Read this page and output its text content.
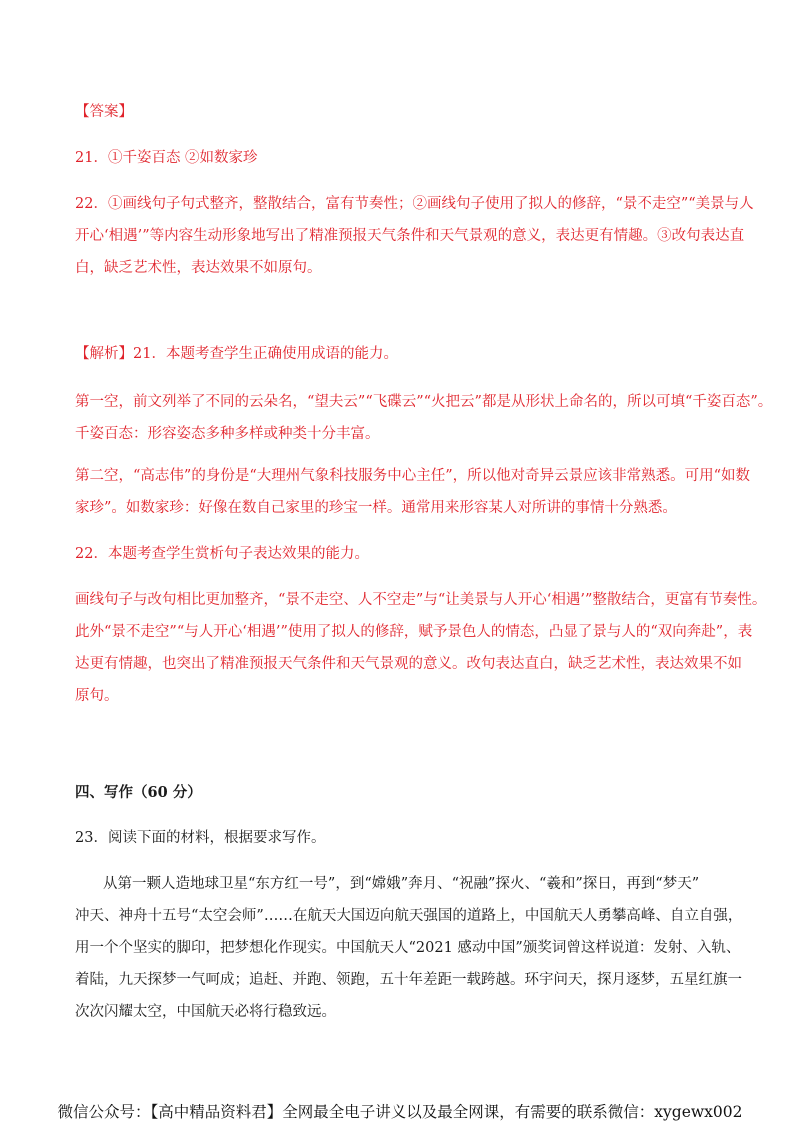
【答案】
21．①千姿百态 ②如数家珍
22．①画线句子句式整齐，整散结合，富有节奏性；②画线句子使用了拟人的修辞，“景不走空”“美景与人
开心‘相遇’”等内容生动形象地写出了精准预报天气条件和天气景观的意义，表达更有情趣。③改句表达直
白，缺乏艺术性，表达效果不如原句。
【解析】21．本题考查学生正确使用成语的能力。
第一空，前文列举了不同的云朵名，“望夫云”“飞碟云”“火把云”都是从形状上命名的，所以可填“千姿百态”。
千姿百态：形容姿态多种多样或种类十分丰富。
第二空，“高志伟”的身份是“大理州气象科技服务中心主任”，所以他对奇异云景应该非常熟悉。可用“如数
家珍”。如数家珍：好像在数自己家里的珍宝一样。通常用来形容某人对所讲的事情十分熟悉。
22．本题考查学生赏析句子表达效果的能力。
画线句子与改句相比更加整齐，“景不走空、人不空走”与“让美景与人开心‘相遇’”整散结合，更富有节奏性。
此外“景不走空”“与人开心‘相遇’”使用了拟人的修辞，赋予景色人的情态，凸显了景与人的“双向奔赴”，表
达更有情趣，也突出了精准预报天气条件和天气景观的意义。改句表达直白，缺乏艺术性，表达效果不如
原句。
四、写作（60 分）
23．阅读下面的材料，根据要求写作。
从第一颗人造地球卫星“东方红一号”，到“嫦娥”奔月、“祝融”探火、“羲和”探日，再到“梦天”
冲天、神舟十五号“太空会师”……在航天大国迈向航天强国的道路上，中国航天人勇攀高峰、自立自强，
用一个个坚实的脚印，把梦想化作现实。中国航天人“2021 感动中国”颁奖词曾这样说道：发射、入轨、
着陆，九天探梦一气呵成；追赶、并跑、领跑，五十年差距一载跨越。环宇问天，探月逐梦，五星红旗一
次次闪耀太空，中国航天必将行稳致远。
微信公众号：【高中精品资料君】全网最全电子讲义以及最全网课，有需要的联系微信：xygewx002
